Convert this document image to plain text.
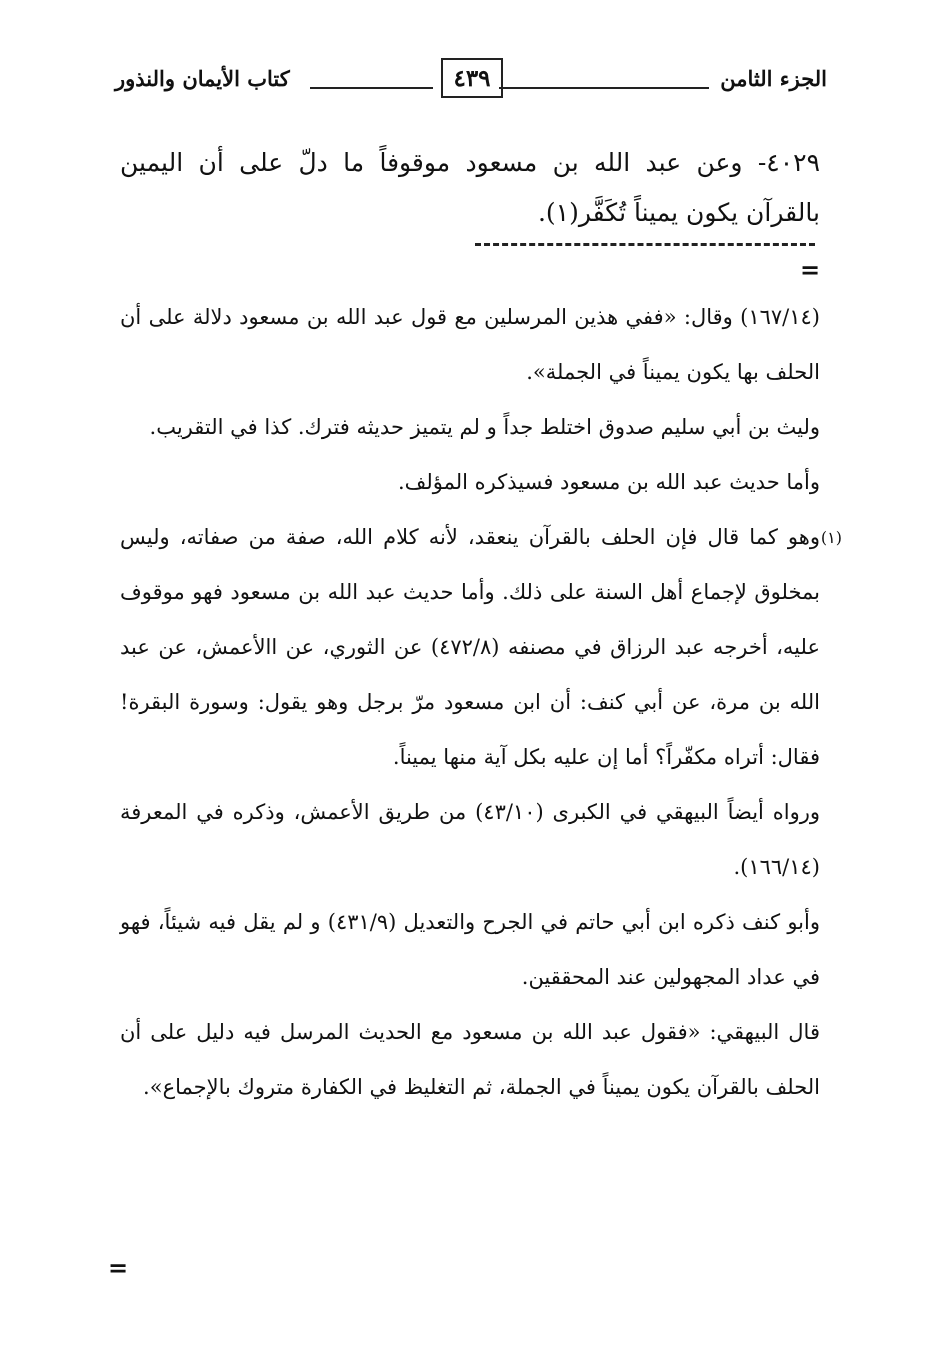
الجزء الثامن
٤٣٩
كتاب الأيمان والنذور
٤٠٢٩- وعن عبد الله بن مسعود موقوفاً ما دلّ على أن اليمين بالقرآن يكون يميناً تُكَفَّر(١).
=

(١٦٧/١٤) وقال: «ففي هذين المرسلين مع قول عبد الله بن مسعود دلالة على أن الحلف بها يكون يميناً في الجملة».

وليث بن أبي سليم صدوق اختلط جداً و لم يتميز حديثه فترك. كذا في التقريب.

وأما حديث عبد الله بن مسعود فسيذكره المؤلف.

(١)

وهو كما قال فإن الحلف بالقرآن ينعقد، لأنه كلام الله، صفة من صفاته، وليس بمخلوق لإجماع أهل السنة على ذلك. وأما حديث عبد الله بن مسعود فهو موقوف عليه، أخرجه عبد الرزاق في مصنفه (٤٧٢/٨) عن الثوري، عن االأعمش، عن عبد الله بن مرة، عن أبي كنف: أن ابن مسعود مرّ برجل وهو يقول: وسورة البقرة! فقال: أتراه مكفّراً؟ أما إن عليه بكل آية منها يميناً.

ورواه أيضاً البيهقي في الكبرى (٤٣/١٠) من طريق الأعمش، وذكره في المعرفة (١٦٦/١٤).

وأبو كنف ذكره ابن أبي حاتم في الجرح والتعديل (٤٣١/٩) و لم يقل فيه شيئاً، فهو في عداد المجهولين عند المحققين.

قال البيهقي: «فقول عبد الله بن مسعود مع الحديث المرسل فيه دليل على أن الحلف بالقرآن يكون يميناً في الجملة، ثم التغليظ في الكفارة متروك بالإجماع».

=
